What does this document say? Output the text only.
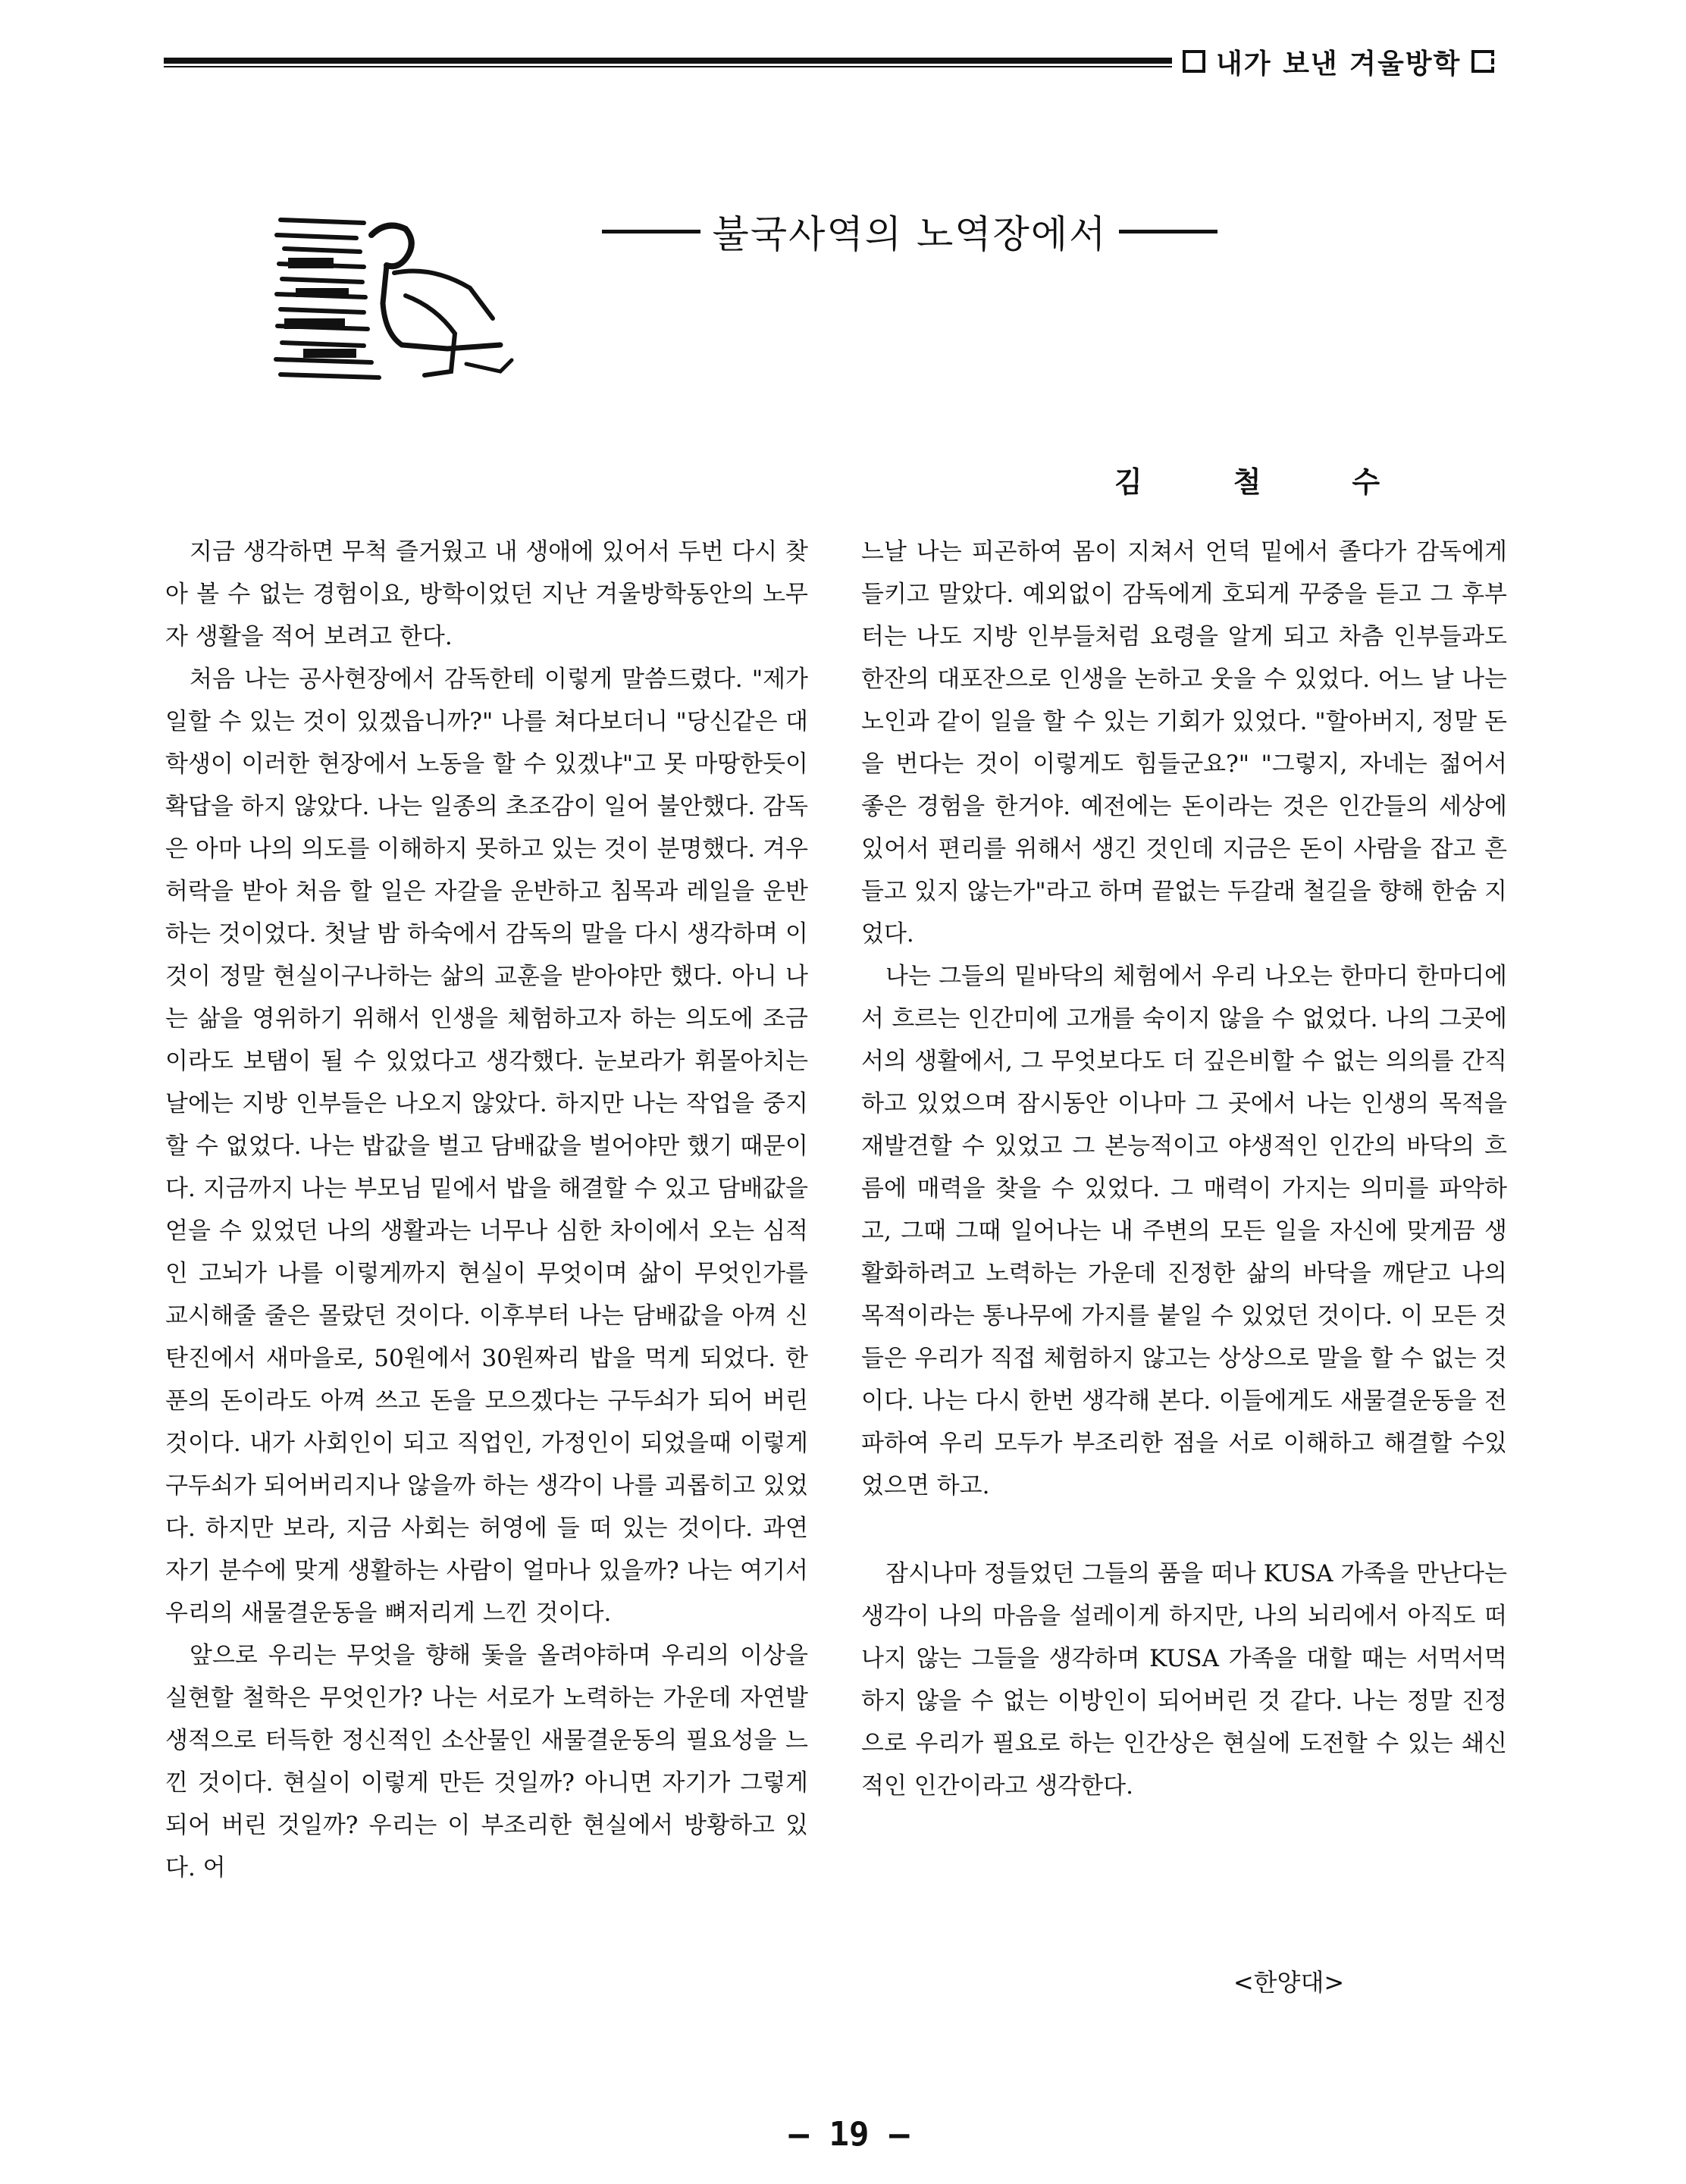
내가 보낸 겨울방학
불국사역의 노역장에서
김철수

지금 생각하면 무척 즐거웠고 내 생애에 있어서 두번 다시 찾아 볼 수 없는 경험이요, 방학이었던 지난 겨울방학동안의 노무자 생활을 적어 보려고 한다.

처음 나는 공사현장에서 감독한테 이렇게 말씀드렸다. "제가 일할 수 있는 것이 있겠읍니까?" 나를 쳐다보더니 "당신같은 대학생이 이러한 현장에서 노동을 할 수 있겠냐"고 못 마땅한듯이 확답을 하지 않았다. 나는 일종의 초조감이 일어 불안했다. 감독은 아마 나의 의도를 이해하지 못하고 있는 것이 분명했다. 겨우 허락을 받아 처음 할 일은 자갈을 운반하고 침목과 레일을 운반하는 것이었다. 첫날 밤 하숙에서 감독의 말을 다시 생각하며 이것이 정말 현실이구나하는 삶의 교훈을 받아야만 했다. 아니 나는 삶을 영위하기 위해서 인생을 체험하고자 하는 의도에 조금이라도 보탬이 될 수 있었다고 생각했다. 눈보라가 휘몰아치는 날에는 지방 인부들은 나오지 않았다. 하지만 나는 작업을 중지할 수 없었다. 나는 밥값을 벌고 담배값을 벌어야만 했기 때문이다. 지금까지 나는 부모님 밑에서 밥을 해결할 수 있고 담배값을 얻을 수 있었던 나의 생활과는 너무나 심한 차이에서 오는 심적인 고뇌가 나를 이렇게까지 현실이 무엇이며 삶이 무엇인가를 교시해줄 줄은 몰랐던 것이다. 이후부터 나는 담배값을 아껴 신탄진에서 새마을로, 50원에서 30원짜리 밥을 먹게 되었다. 한푼의 돈이라도 아껴 쓰고 돈을 모으겠다는 구두쇠가 되어 버린 것이다. 내가 사회인이 되고 직업인, 가정인이 되었을때 이렇게 구두쇠가 되어버리지나 않을까 하는 생각이 나를 괴롭히고 있었다. 하지만 보라, 지금 사회는 허영에 들 떠 있는 것이다. 과연 자기 분수에 맞게 생활하는 사람이 얼마나 있을까? 나는 여기서 우리의 새물결운동을 뼈저리게 느낀 것이다.

앞으로 우리는 무엇을 향해 돛을 올려야하며 우리의 이상을 실현할 철학은 무엇인가? 나는 서로가 노력하는 가운데 자연발생적으로 터득한 정신적인 소산물인 새물결운동의 필요성을 느낀 것이다. 현실이 이렇게 만든 것일까? 아니면 자기가 그렇게 되어 버린 것일까? 우리는 이 부조리한 현실에서 방황하고 있다. 어

느날 나는 피곤하여 몸이 지쳐서 언덕 밑에서 졸다가 감독에게 들키고 말았다. 예외없이 감독에게 호되게 꾸중을 듣고 그 후부터는 나도 지방 인부들처럼 요령을 알게 되고 차츰 인부들과도 한잔의 대포잔으로 인생을 논하고 웃을 수 있었다. 어느 날 나는 노인과 같이 일을 할 수 있는 기회가 있었다. "할아버지, 정말 돈을 번다는 것이 이렇게도 힘들군요?" "그렇지, 자네는 젊어서 좋은 경험을 한거야. 예전에는 돈이라는 것은 인간들의 세상에 있어서 편리를 위해서 생긴 것인데 지금은 돈이 사람을 잡고 흔들고 있지 않는가"라고 하며 끝없는 두갈래 철길을 향해 한숨 지었다.

나는 그들의 밑바닥의 체험에서 우리 나오는 한마디 한마디에서 흐르는 인간미에 고개를 숙이지 않을 수 없었다. 나의 그곳에서의 생활에서, 그 무엇보다도 더 깊은비할 수 없는 의의를 간직하고 있었으며 잠시동안 이나마 그 곳에서 나는 인생의 목적을 재발견할 수 있었고 그 본능적이고 야생적인 인간의 바닥의 흐름에 매력을 찾을 수 있었다. 그 매력이 가지는 의미를 파악하고, 그때 그때 일어나는 내 주변의 모든 일을 자신에 맞게끔 생활화하려고 노력하는 가운데 진정한 삶의 바닥을 깨닫고 나의 목적이라는 통나무에 가지를 붙일 수 있었던 것이다. 이 모든 것들은 우리가 직접 체험하지 않고는 상상으로 말을 할 수 없는 것이다. 나는 다시 한번 생각해 본다. 이들에게도 새물결운동을 전파하여 우리 모두가 부조리한 점을 서로 이해하고 해결할 수있었으면 하고.

잠시나마 정들었던 그들의 품을 떠나 KUSA 가족을 만난다는 생각이 나의 마음을 설레이게 하지만, 나의 뇌리에서 아직도 떠나지 않는 그들을 생각하며 KUSA 가족을 대할 때는 서먹서먹하지 않을 수 없는 이방인이 되어버린 것 같다. 나는 정말 진정으로 우리가 필요로 하는 인간상은 현실에 도전할 수 있는 쇄신적인 인간이라고 생각한다.

<한양대>
— 19 —
